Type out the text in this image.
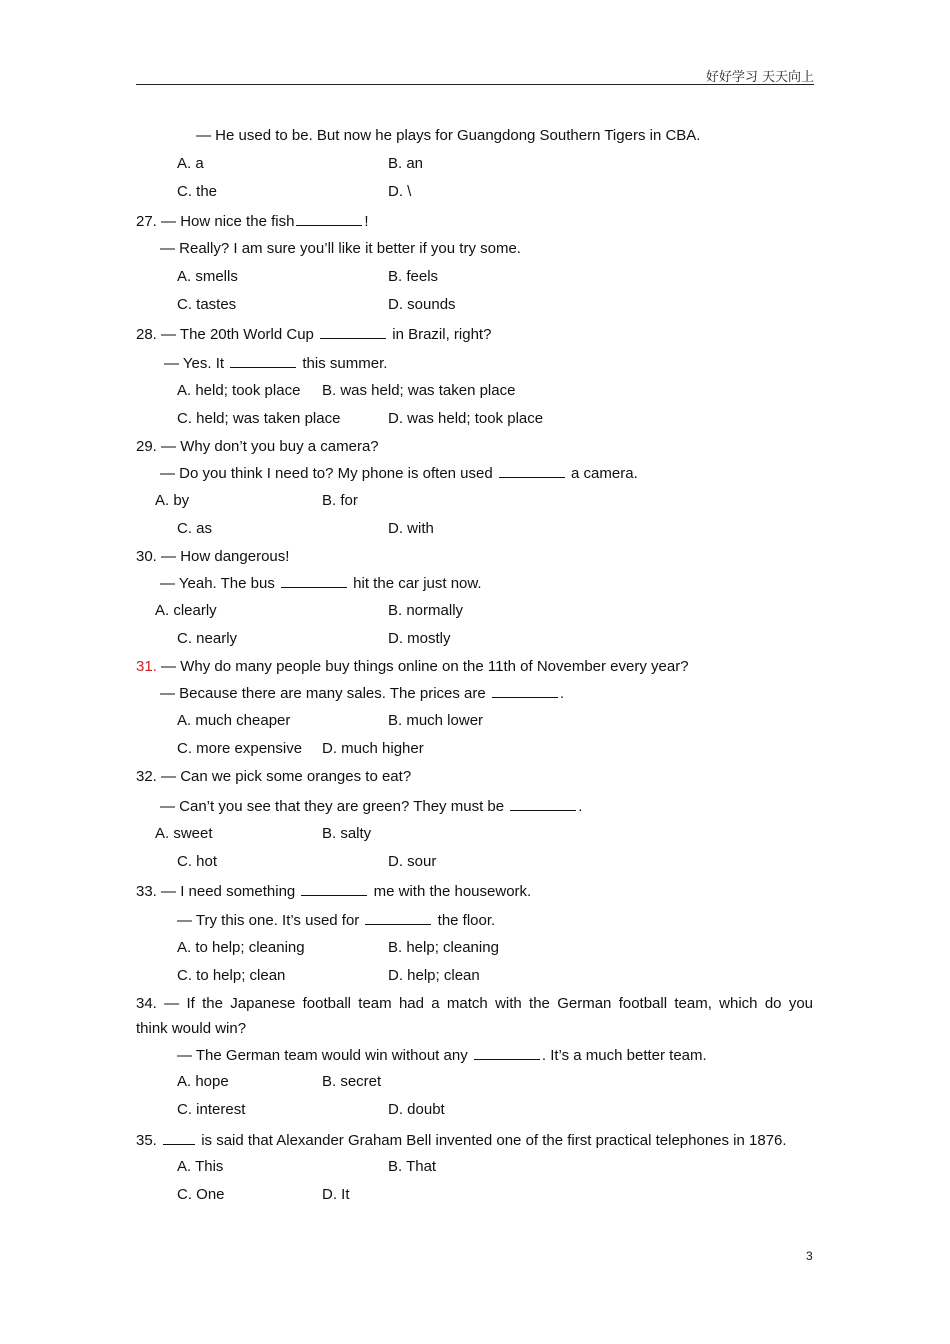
好好学习 天天向上
— He used to be. But now he plays for Guangdong Southern Tigers in CBA.
A. a	B. an
C. the	D. \
27. — How nice the fish	!
— Really? I am sure you’ll like it better if you try some.
A. smells	B. feels
C. tastes	D. sounds
28. — The 20th World Cup	in Brazil, right?
— Yes. It	this summer.
A. held; took place B. was held; was taken place
C. held; was taken place	D. was held; took place
29. — Why don’t you buy a camera?
— Do you think I need to? My phone is often used	a camera.
A. by	B. for
C. as	D. with
30. — How dangerous!
— Yeah. The bus	hit the car just now.
A. clearly	B. normally
C. nearly	D. mostly
31. — Why do many people buy things online on the 11th of November every year?
— Because there are many sales. The prices are	.
A. much cheaper	B. much lower
C. more expensive D. much higher
32. — Can we pick some oranges to eat?
— Can’t you see that they are green? They must be	.
A. sweet	B. salty
C. hot	D. sour
33. — I need something	me with the housework.
— Try this one. It’s used for	the floor.
A. to help; cleaning	B. help; cleaning
C. to help; clean	D. help; clean
34. — If the Japanese football team had a match with the German football team, which do you
think would win?
— The German team would win without any	. It’s a much better team.
A. hope	B. secret
C. interest	D. doubt
35.	is said that Alexander Graham Bell invented one of the first practical telephones in 1876.
A. This	B. That
C. One	D. It
3
